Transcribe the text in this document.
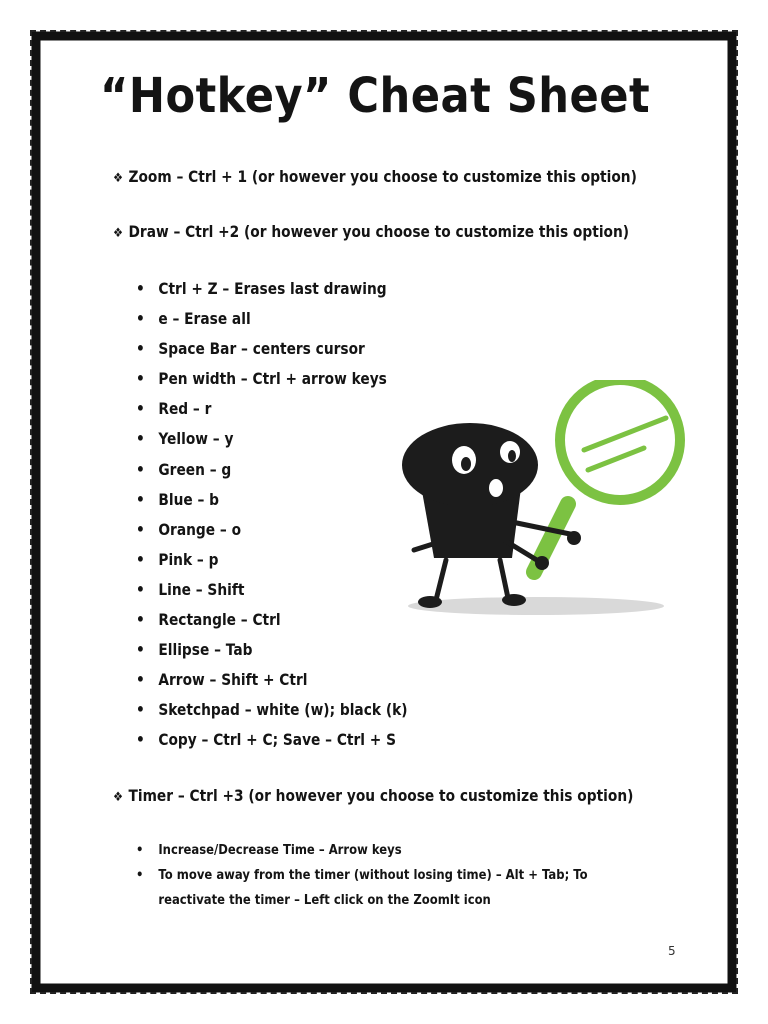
“Hotkey” Cheat Sheet
❖ Zoom – Ctrl + 1 (or however you choose to customize this option)
❖ Draw – Ctrl +2 (or however you choose to customize this option)
• Ctrl + Z – Erases last drawing
• e – Erase all
• Space Bar – centers cursor
• Pen width – Ctrl + arrow keys
• Red – r
• Yellow – y
• Green – g
• Blue – b
• Orange – o
• Pink – p
• Line – Shift
• Rectangle – Ctrl
• Ellipse – Tab
• Arrow – Shift + Ctrl
• Sketchpad – white (w); black (k)
• Copy – Ctrl + C; Save – Ctrl + S
❖ Timer – Ctrl +3 (or however you choose to customize this option)
• Increase/Decrease Time – Arrow keys
• To move away from the timer (without losing time) – Alt + Tab; To
reactivate the timer – Left click on the ZoomIt icon
5
